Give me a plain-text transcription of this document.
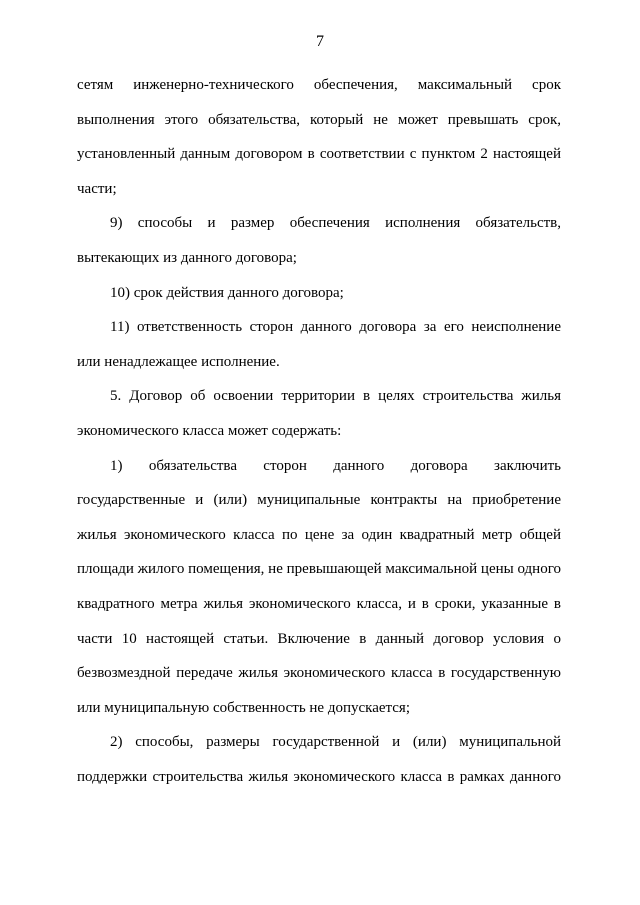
7
сетям инженерно-технического обеспечения, максимальный срок
выполнения этого обязательства, который не может превышать срок,
установленный данным договором в соответствии с пунктом 2 настоящей
части;
9) способы и размер обеспечения исполнения обязательств,
вытекающих из данного договора;
10) срок действия данного договора;
11) ответственность сторон данного договора за его неисполнение
или ненадлежащее исполнение.
5. Договор об освоении территории в целях строительства жилья
экономического класса может содержать:
1) обязательства сторон данного договора заключить
государственные и (или) муниципальные контракты на приобретение
жилья экономического класса по цене за один квадратный метр общей
площади жилого помещения, не превышающей максимальной цены одного
квадратного метра жилья экономического класса, и в сроки, указанные в
части 10 настоящей статьи. Включение в данный договор условия о
безвозмездной передаче жилья экономического класса в государственную
или муниципальную собственность не допускается;
2) способы, размеры государственной и (или) муниципальной
поддержки строительства жилья экономического класса в рамках данного
